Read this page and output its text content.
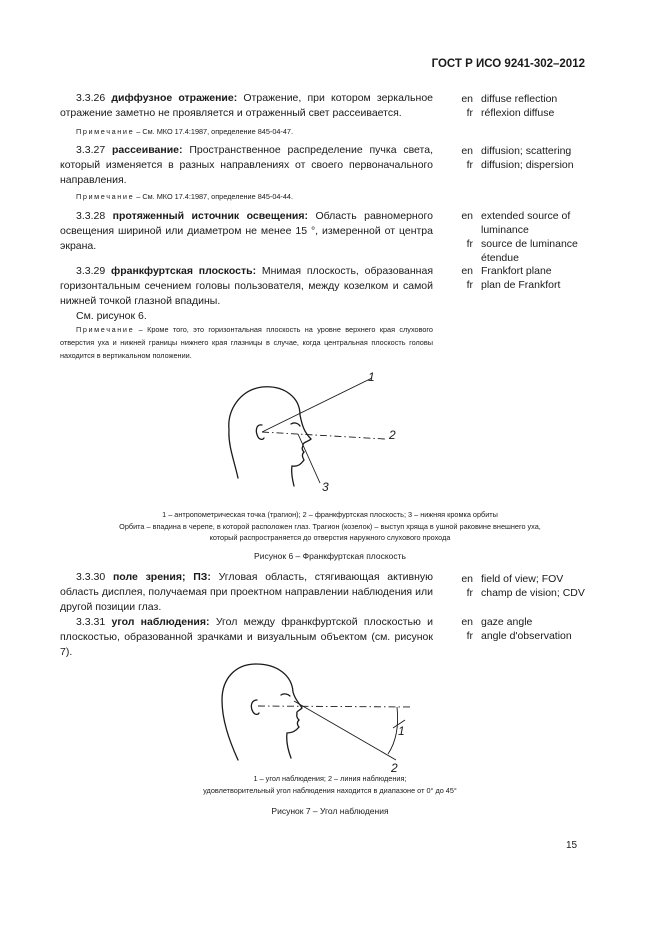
ГОСТ Р ИСО 9241-302–2012

3.3.26 диффузное отражение: Отражение, при котором зеркальное отражение заметно не проявляется и отраженный свет рассеивается.

en diffuse reflection
fr réflexion diffuse

Примечание – См. МКО 17.4:1987, определение 845-04-47.

3.3.27 рассеивание: Пространственное распределение пучка света, который изменяется в разных направлениях от своего первоначального направления.

en diffusion; scattering
fr diffusion; dispersion

Примечание – См. МКО 17.4:1987, определение 845-04-44.

3.3.28 протяженный источник освещения: Область равномерного освещения шириной или диаметром не менее 15 °, измеренной от центра экрана.

en extended source of luminance
fr source de luminance étendue

3.3.29 франкфуртская плоскость: Мнимая плоскость, образованная горизонтальным сечением головы пользователя, между козелком и самой нижней точкой глазной впадины.

См. рисунок 6.

en Frankfort plane
fr plan de Frankfort

Примечание – Кроме того, это горизонтальная плоскость на уровне верхнего края слухового отверстия уха и нижней границы нижнего края глазницы в случае, когда центральная плоскость головы находится в вертикальном положении.

1
2
3
1
2
1 – антропометрическая точка (трагион); 2 – франкфуртская плоскость; 3 – нижняя кромка орбиты
Орбита – впадина в черепе, в которой расположен глаз. Трагион (козелок) – выступ хряща в ушной раковине внешнего уха, который распространяется до отверстия наружного слухового прохода
Рисунок 6 – Франкфуртская плоскость

3.3.30 поле зрения; ПЗ: Угловая область, стягивающая активную область дисплея, получаемая при проектном направлении наблюдения или другой позиции глаз.

3.3.31 угол наблюдения: Угол между франкфуртской плоскостью и плоскостью, образованной зрачками и визуальным объектом (см. рисунок 7).

en field of view; FOV
fr champ de vision; CDV
en gaze angle
fr angle d'observation
1 – угол наблюдения; 2 – линия наблюдения;
удовлетворительный угол наблюдения находится в диапазоне от 0° до 45°
Рисунок 7 – Угол наблюдения
15
